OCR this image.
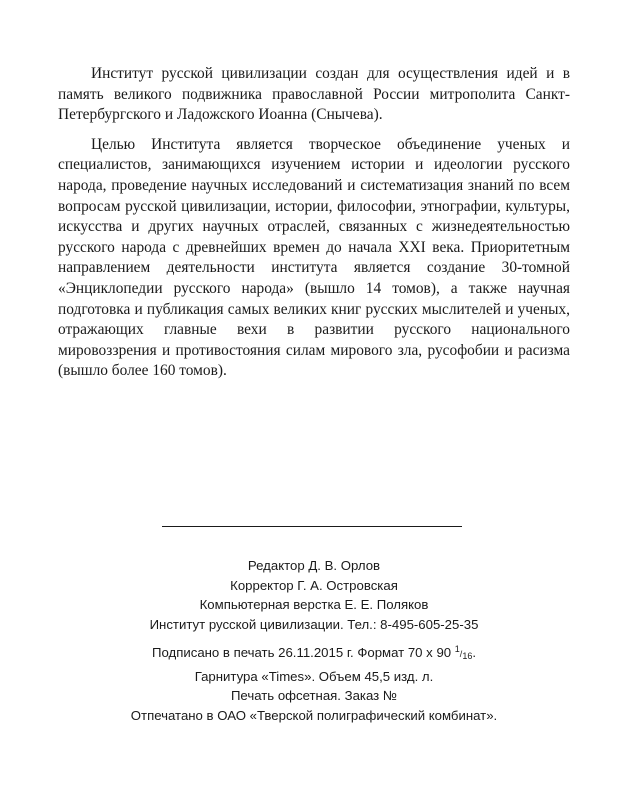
Институт русской цивилизации создан для осуществления идей и в память великого подвижника православной России митрополита Санкт-Петербургского и Ладожского Иоанна (Снычева).

Целью Института является творческое объединение ученых и специалистов, занимающихся изучением истории и идеологии русского народа, проведение научных исследований и систематизация знаний по всем вопросам русской цивилизации, истории, философии, этнографии, культуры, искусства и других научных отраслей, связанных с жизнедеятельностью русского народа с древнейших времен до начала XXI века. Приоритетным направлением деятельности института является создание 30-томной «Энциклопедии русского народа» (вышло 14 томов), а также научная подготовка и публикация самых великих книг русских мыслителей и ученых, отражающих главные вехи в развитии русского национального мировоззрения и противостояния силам мирового зла, русофобии и расизма (вышло более 160 томов).

Редактор Д. В. Орлов
Корректор Г. А. Островская
Компьютерная верстка Е. Е. Поляков
Институт русской цивилизации. Тел.: 8-495-605-25-35
Подписано в печать 26.11.2015 г. Формат 70 х 90 1/16.
Гарнитура «Times». Объем 45,5 изд. л.
Печать офсетная. Заказ №
Отпечатано в ОАО «Тверской полиграфический комбинат».
